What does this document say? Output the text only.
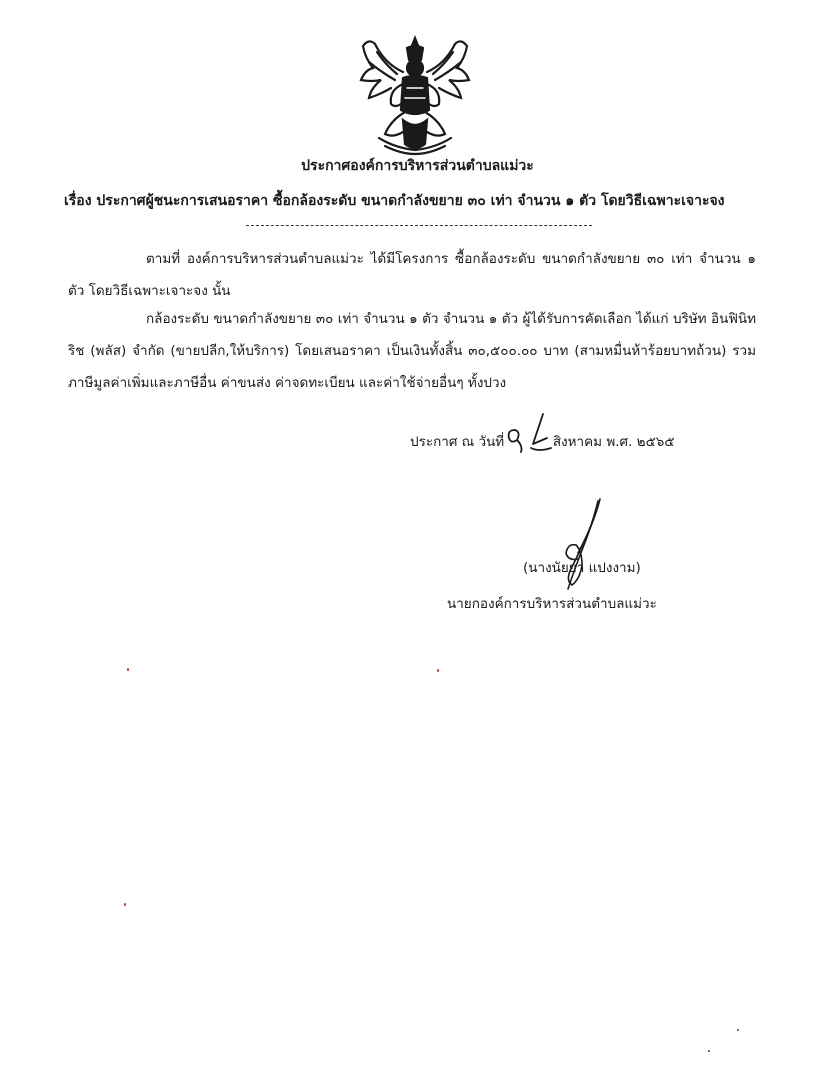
ประกาศองค์การบริหารส่วนตำบลแม่วะ
เรื่อง ประกาศผู้ชนะการเสนอราคา ซื้อกล้องระดับ ขนาดกำลังขยาย ๓๐ เท่า จำนวน ๑ ตัว โดยวิธีเฉพาะเจาะจง
ตามที่ องค์การบริหารส่วนตำบลแม่วะ ได้มีโครงการ ซื้อกล้องระดับ ขนาดกำลังขยาย ๓๐ เท่า จำนวน ๑ ตัว โดยวิธีเฉพาะเจาะจง นั้น
กล้องระดับ ขนาดกำลังขยาย ๓๐ เท่า จำนวน ๑ ตัว จำนวน ๑ ตัว ผู้ได้รับการคัดเลือก ได้แก่ บริษัท อินฟินิท ริช (พลัส) จำกัด (ขายปลีก,ให้บริการ) โดยเสนอราคา เป็นเงินทั้งสิ้น ๓๐,๕๐๐.๐๐ บาท (สามหมื่นห้าร้อยบาทถ้วน) รวมภาษีมูลค่าเพิ่มและภาษีอื่น ค่าขนส่ง ค่าจดทะเบียน และค่าใช้จ่ายอื่นๆ ทั้งปวง
ประกาศ ณ วันที่	สิงหาคม พ.ศ. ๒๕๖๕
(นางนัยยา แปงงาม)
นายกองค์การบริหารส่วนตำบลแม่วะ
